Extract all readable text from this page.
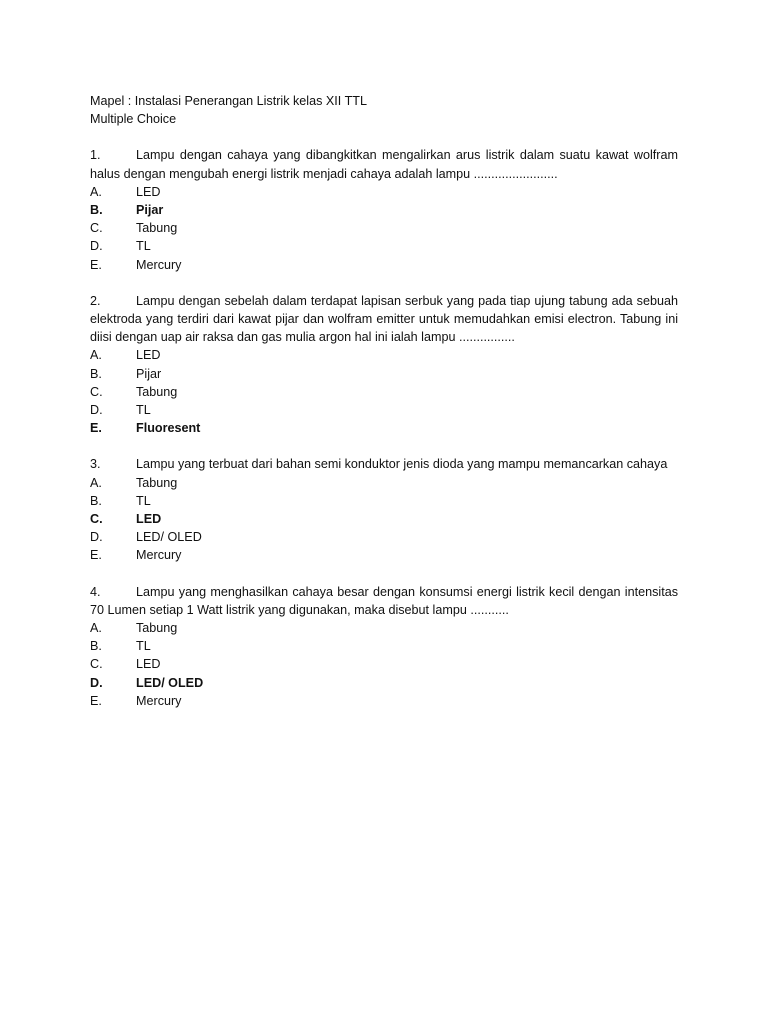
Mapel : Instalasi Penerangan Listrik kelas XII TTL

Multiple Choice

1.	Lampu dengan cahaya yang dibangkitkan mengalirkan arus listrik dalam suatu kawat wolfram halus dengan mengubah energi listrik menjadi cahaya adalah lampu ........................

A.	LED
B.	Pijar
C.	Tabung
D.	TL
E.	Mercury

2.	Lampu dengan sebelah dalam terdapat lapisan serbuk yang pada tiap ujung tabung ada sebuah elektroda yang terdiri dari kawat pijar dan wolfram emitter untuk memudahkan emisi electron. Tabung ini diisi dengan uap air raksa dan gas mulia argon hal ini ialah lampu ................

A.	LED
B.	Pijar
C.	Tabung
D.	TL
E.	Fluoresent

3.	Lampu yang terbuat dari bahan semi konduktor jenis dioda yang mampu memancarkan cahaya

A.	Tabung
B.	TL
C.	LED
D.	LED/ OLED
E.	Mercury

4.	Lampu yang menghasilkan cahaya besar dengan konsumsi energi listrik kecil dengan intensitas 70 Lumen setiap 1 Watt listrik yang digunakan, maka disebut lampu ...........

A.	Tabung
B.	TL
C.	LED
D.	LED/ OLED
E.	Mercury
